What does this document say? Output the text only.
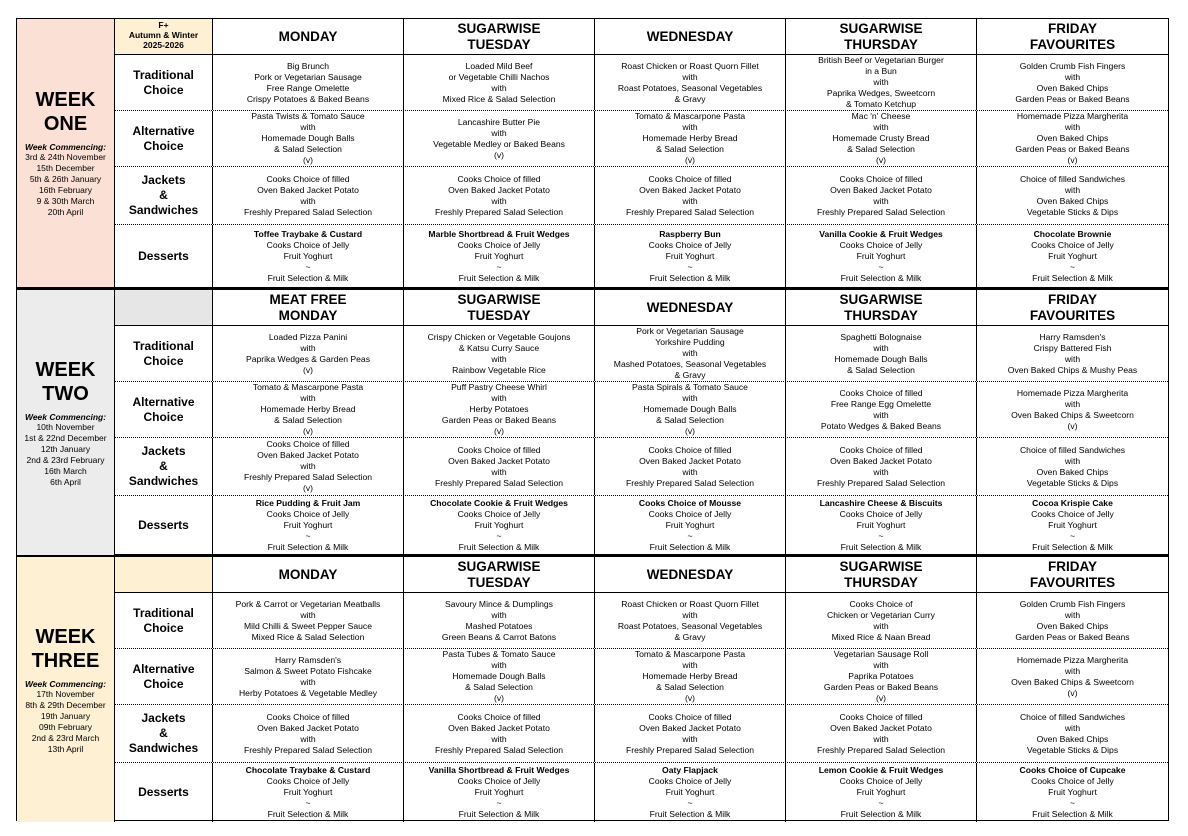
WEEK
ONE
Week Commencing:
3rd & 24th November
15th December
5th & 26th January
16th February
9 & 30th March
20th April
F+
Autumn & Winter
2025-2026
MONDAY
SUGARWISE
TUESDAY
WEDNESDAY
SUGARWISE
THURSDAY
FRIDAY
FAVOURITES
Traditional
Choice
Big Brunch
Pork or Vegetarian Sausage
Free Range Omelette
Crispy Potatoes & Baked Beans
Loaded Mild Beef
or Vegetable Chilli Nachos
with
Mixed Rice & Salad Selection
Roast Chicken or Roast Quorn Fillet
with
Roast Potatoes, Seasonal Vegetables
& Gravy
British Beef or Vegetarian Burger
in a Bun
with
Paprika Wedges, Sweetcorn
& Tomato Ketchup
Golden Crumb Fish Fingers
with
Oven Baked Chips
Garden Peas or Baked Beans
Alternative
Choice
Pasta Twists & Tomato Sauce
with
Homemade Dough Balls
& Salad Selection
(v)
Lancashire Butter Pie
with
Vegetable Medley or Baked Beans
(v)
Tomato & Mascarpone Pasta
with
Homemade Herby Bread
& Salad Selection
(v)
Mac 'n' Cheese
with
Homemade Crusty Bread
& Salad Selection
(v)
Homemade Pizza Margherita
with
Oven Baked Chips
Garden Peas or Baked Beans
(v)
Jackets
&
Sandwiches
Cooks Choice of filled
Oven Baked Jacket Potato
with
Freshly Prepared Salad Selection
Cooks Choice of filled
Oven Baked Jacket Potato
with
Freshly Prepared Salad Selection
Cooks Choice of filled
Oven Baked Jacket Potato
with
Freshly Prepared Salad Selection
Cooks Choice of filled
Oven Baked Jacket Potato
with
Freshly Prepared Salad Selection
Choice of filled Sandwiches
with
Oven Baked Chips
Vegetable Sticks & Dips
Desserts
Toffee Traybake & Custard
Cooks Choice of Jelly
Fruit Yoghurt
~
Fruit Selection & Milk
Marble Shortbread & Fruit Wedges
Cooks Choice of Jelly
Fruit Yoghurt
~
Fruit Selection & Milk
Raspberry Bun
Cooks Choice of Jelly
Fruit Yoghurt
~
Fruit Selection & Milk
Vanilla Cookie & Fruit Wedges
Cooks Choice of Jelly
Fruit Yoghurt
~
Fruit Selection & Milk
Chocolate Brownie
Cooks Choice of Jelly
Fruit Yoghurt
~
Fruit Selection & Milk
WEEK
TWO
Week Commencing:
10th November
1st & 22nd December
12th January
2nd & 23rd February
16th March
6th April
MEAT FREE
MONDAY
SUGARWISE
TUESDAY
WEDNESDAY
SUGARWISE
THURSDAY
FRIDAY
FAVOURITES
Traditional
Choice
Loaded Pizza Panini
with
Paprika Wedges & Garden Peas
(v)
Crispy Chicken or Vegetable Goujons
& Katsu Curry Sauce
with
Rainbow Vegetable Rice
Pork or Vegetarian Sausage
Yorkshire Pudding
with
Mashed Potatoes, Seasonal Vegetables
& Gravy
Spaghetti Bolognaise
with
Homemade Dough Balls
& Salad Selection
Harry Ramsden's
Crispy Battered Fish
with
Oven Baked Chips & Mushy Peas
Alternative
Choice
Tomato & Mascarpone Pasta
with
Homemade Herby Bread
& Salad Selection
(v)
Puff Pastry Cheese Whirl
with
Herby Potatoes
Garden Peas or Baked Beans
(v)
Pasta Spirals & Tomato Sauce
with
Homemade Dough Balls
& Salad Selection
(v)
Cooks Choice of filled
Free Range Egg Omelette
with
Potato Wedges & Baked Beans
Homemade Pizza Margherita
with
Oven Baked Chips & Sweetcorn
(v)
Jackets
&
Sandwiches
Cooks Choice of filled
Oven Baked Jacket Potato
with
Freshly Prepared Salad Selection
(v)
Cooks Choice of filled
Oven Baked Jacket Potato
with
Freshly Prepared Salad Selection
Cooks Choice of filled
Oven Baked Jacket Potato
with
Freshly Prepared Salad Selection
Cooks Choice of filled
Oven Baked Jacket Potato
with
Freshly Prepared Salad Selection
Choice of filled Sandwiches
with
Oven Baked Chips
Vegetable Sticks & Dips
Desserts
Rice Pudding & Fruit Jam
Cooks Choice of Jelly
Fruit Yoghurt
~
Fruit Selection & Milk
Chocolate Cookie & Fruit Wedges
Cooks Choice of Jelly
Fruit Yoghurt
~
Fruit Selection & Milk
Cooks Choice of Mousse
Cooks Choice of Jelly
Fruit Yoghurt
~
Fruit Selection & Milk
Lancashire Cheese & Biscuits
Cooks Choice of Jelly
Fruit Yoghurt
~
Fruit Selection & Milk
Cocoa Krispie Cake
Cooks Choice of Jelly
Fruit Yoghurt
~
Fruit Selection & Milk
WEEK
THREE
Week Commencing:
17th November
8th & 29th December
19th January
09th February
2nd & 23rd March
13th April
MONDAY
SUGARWISE
TUESDAY
WEDNESDAY
SUGARWISE
THURSDAY
FRIDAY
FAVOURITES
Traditional
Choice
Pork & Carrot or Vegetarian Meatballs
with
Mild Chilli & Sweet Pepper Sauce
Mixed Rice & Salad Selection
Savoury Mince & Dumplings
with
Mashed Potatoes
Green Beans & Carrot Batons
Roast Chicken or Roast Quorn Fillet
with
Roast Potatoes, Seasonal Vegetables
& Gravy
Cooks Choice of
Chicken or Vegetarian Curry
with
Mixed Rice & Naan Bread
Golden Crumb Fish Fingers
with
Oven Baked Chips
Garden Peas or Baked Beans
Alternative
Choice
Harry Ramsden's
Salmon & Sweet Potato Fishcake
with
Herby Potatoes & Vegetable Medley
Pasta Tubes & Tomato Sauce
with
Homemade Dough Balls
& Salad Selection
(v)
Tomato & Mascarpone Pasta
with
Homemade Herby Bread
& Salad Selection
(v)
Vegetarian Sausage Roll
with
Paprika Potatoes
Garden Peas or Baked Beans
(v)
Homemade Pizza Margherita
with
Oven Baked Chips & Sweetcorn
(v)
Jackets
&
Sandwiches
Cooks Choice of filled
Oven Baked Jacket Potato
with
Freshly Prepared Salad Selection
Cooks Choice of filled
Oven Baked Jacket Potato
with
Freshly Prepared Salad Selection
Cooks Choice of filled
Oven Baked Jacket Potato
with
Freshly Prepared Salad Selection
Cooks Choice of filled
Oven Baked Jacket Potato
with
Freshly Prepared Salad Selection
Choice of filled Sandwiches
with
Oven Baked Chips
Vegetable Sticks & Dips
Desserts
Chocolate Traybake & Custard
Cooks Choice of Jelly
Fruit Yoghurt
~
Fruit Selection & Milk
Vanilla Shortbread & Fruit Wedges
Cooks Choice of Jelly
Fruit Yoghurt
~
Fruit Selection & Milk
Oaty Flapjack
Cooks Choice of Jelly
Fruit Yoghurt
~
Fruit Selection & Milk
Lemon Cookie & Fruit Wedges
Cooks Choice of Jelly
Fruit Yoghurt
~
Fruit Selection & Milk
Cooks Choice of Cupcake
Cooks Choice of Jelly
Fruit Yoghurt
~
Fruit Selection & Milk
